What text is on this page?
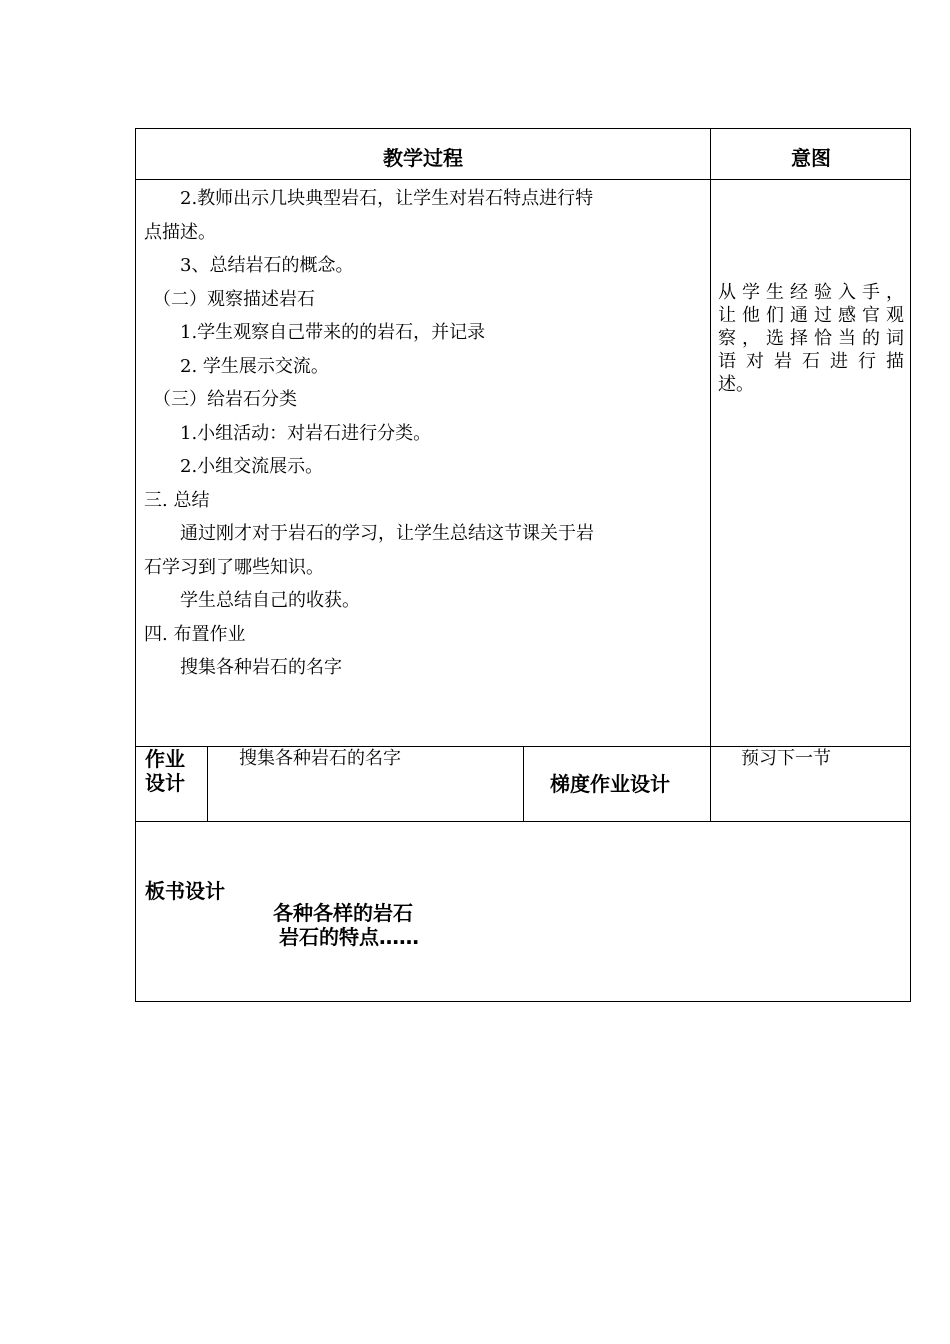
教学过程	意图

　　2.教师出示几块典型岩石，让学生对岩石特点进行特

点描述。

　　3、总结岩石的概念。

　（二）观察描述岩石

　　1.学生观察自己带来的的岩石，并记录

　　2. 学生展示交流。

　（三）给岩石分类

　　1.小组活动：对岩石进行分类。

　　2.小组交流展示。

三. 总结

　　通过刚才对于岩石的学习，让学生总结这节课关于岩

石学习到了哪些知识。

　　学生总结自己的收获。

四. 布置作业

　　搜集各种岩石的名字

从学生经验入手，
让他们通过感官观
察，选择恰当的词
语对岩石进行描
述。
作业
设计
搜集各种岩石的名字
梯度作业设计
预习下一节
板书设计
各种各样的岩石
岩石的特点……
